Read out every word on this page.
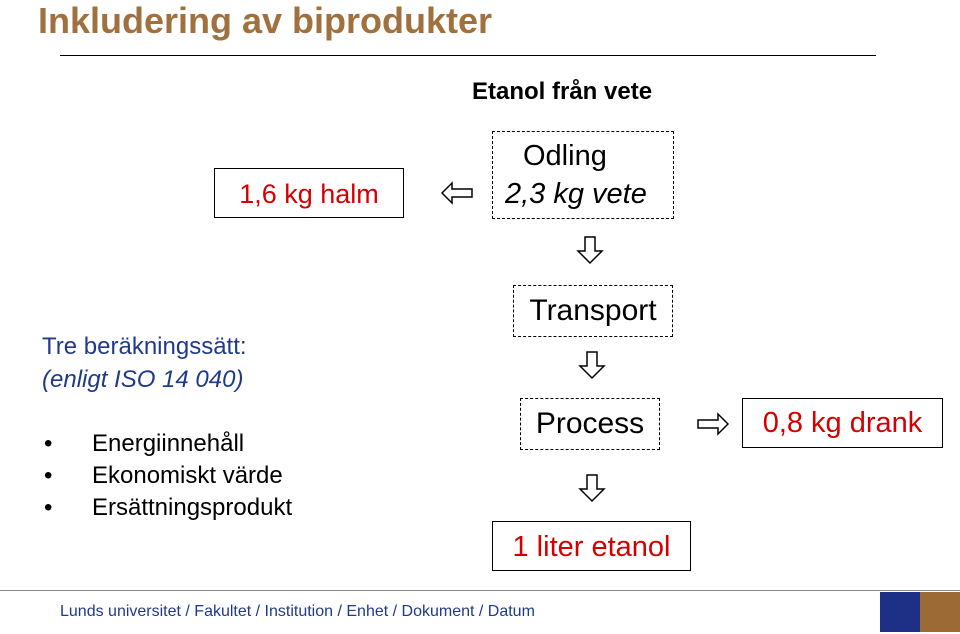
Inkludering av biprodukter
Etanol från vete
1,6 kg halm
Odling
2,3 kg vete
Transport
Process	0,8 kg drank
1 liter etanol
Tre beräkningssätt:
(enligt ISO 14 040)
• Energiinnehåll
• Ekonomiskt värde
• Ersättningsprodukt
Lunds universitet / Fakultet / Institution / Enhet / Dokument / Datum
